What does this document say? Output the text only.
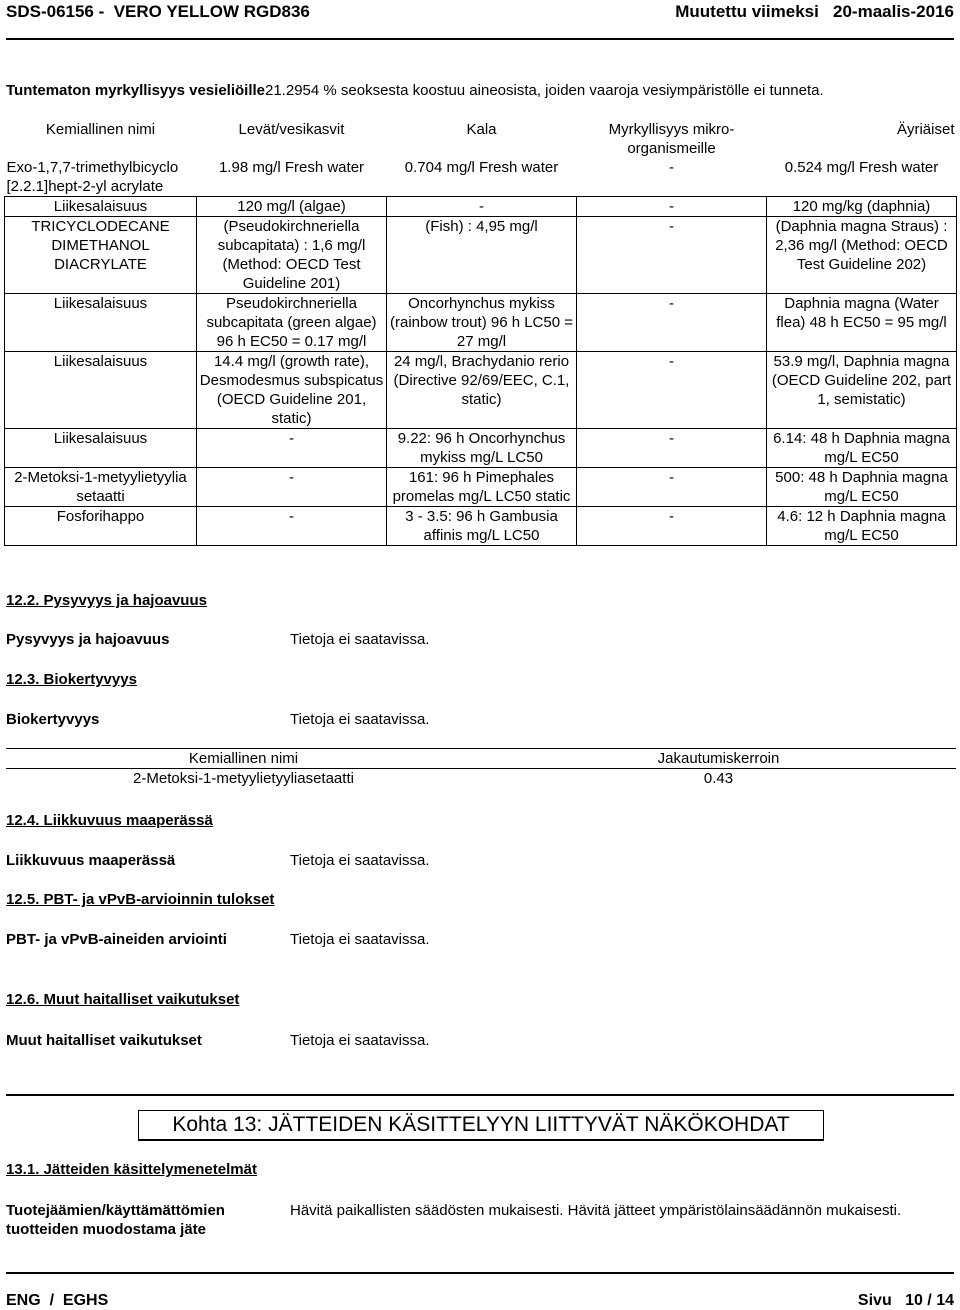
SDS-06156 -  VERO YELLOW RGD836	Muutettu viimeksi 20-maalis-2016
Tuntematon myrkyllisyys vesieliöille21.2954 % seoksesta koostuu aineosista, joiden vaaroja vesiympäristölle ei tunneta.
Kemiallinen nimi	Levät/vesikasvit	Kala	Myrkyllisyys mikro-organismeille	Äyriäiset
Exo-1,7,7-trimethylbicyclo [2.2.1]hept-2-yl acrylate	1.98 mg/l Fresh water	0.704 mg/l Fresh water	-	0.524 mg/l Fresh water
Liikesalaisuus	120 mg/l (algae)	-	-	120 mg/kg (daphnia)
TRICYCLODECANE DIMETHANOL DIACRYLATE	(Pseudokirchneriella subcapitata) : 1,6 mg/l (Method: OECD Test Guideline 201)	(Fish) : 4,95 mg/l	-	(Daphnia magna Straus) : 2,36 mg/l (Method: OECD Test Guideline 202)
Liikesalaisuus	Pseudokirchneriella subcapitata (green algae) 96 h EC50 = 0.17 mg/l	Oncorhynchus mykiss (rainbow trout) 96 h LC50 = 27 mg/l	-	Daphnia magna (Water flea) 48 h EC50 = 95 mg/l
Liikesalaisuus	14.4 mg/l (growth rate), Desmodesmus subspicatus (OECD Guideline 201, static)	24 mg/l, Brachydanio rerio (Directive 92/69/EEC, C.1, static)	-	53.9 mg/l, Daphnia magna (OECD Guideline 202, part 1, semistatic)
Liikesalaisuus	-	9.22: 96 h Oncorhynchus mykiss mg/L LC50	-	6.14: 48 h Daphnia magna mg/L EC50
2-Metoksi-1-metyylietyylia setaatti	-	161: 96 h Pimephales promelas mg/L LC50 static	-	500: 48 h Daphnia magna mg/L EC50
Fosforihappo	-	3 - 3.5: 96 h Gambusia affinis mg/L LC50	-	4.6: 12 h Daphnia magna mg/L EC50
12.2. Pysyvyys ja hajoavuus
Pysyvyys ja hajoavuus	Tietoja ei saatavissa.
12.3. Biokertyvyys
Biokertyvyys	Tietoja ei saatavissa.
Kemiallinen nimi	Jakautumiskerroin
2-Metoksi-1-metyylietyyliasetaatti	0.43
12.4. Liikkuvuus maaperässä
Liikkuvuus maaperässä	Tietoja ei saatavissa.
12.5. PBT- ja vPvB-arvioinnin tulokset
PBT- ja vPvB-aineiden arviointi	Tietoja ei saatavissa.
12.6. Muut haitalliset vaikutukset
Muut haitalliset vaikutukset	Tietoja ei saatavissa.
Kohta 13: JÄTTEIDEN KÄSITTELYYN LIITTYVÄT NÄKÖKOHDAT
13.1. Jätteiden käsittelymenetelmät
Tuotejäämien/käyttämättömien tuotteiden muodostama jäte
Hävitä paikallisten säädösten mukaisesti. Hävitä jätteet ympäristölainsäädännön mukaisesti.
ENG  /  EGHS	Sivu 10 / 14
